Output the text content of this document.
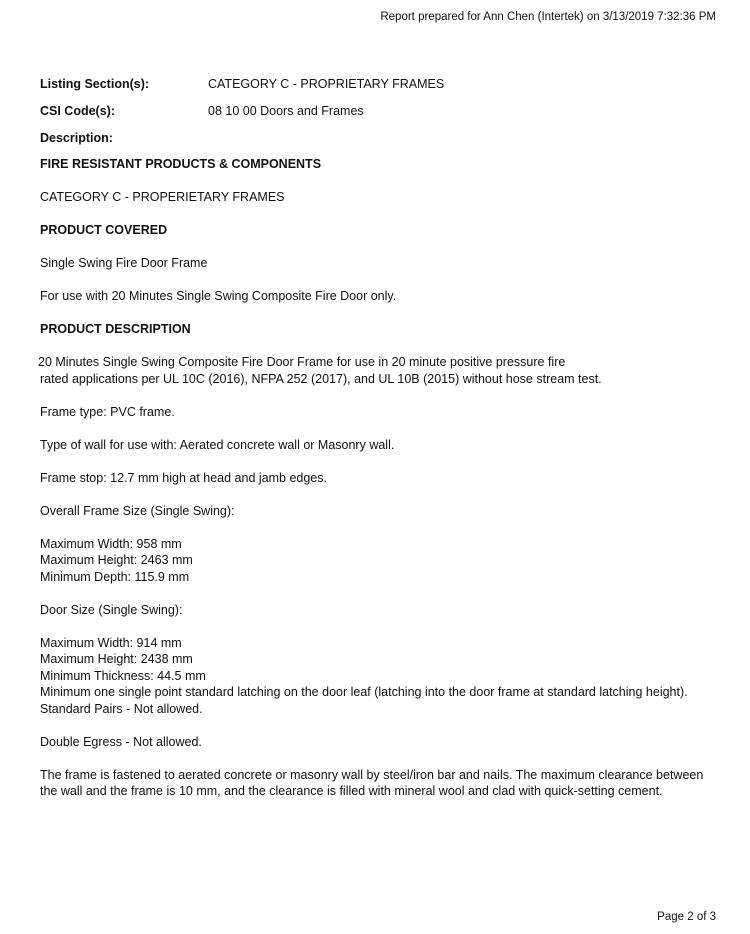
Report prepared for Ann Chen (Intertek) on 3/13/2019 7:32:36 PM
Listing Section(s):	CATEGORY C - PROPRIETARY FRAMES
CSI Code(s):	08 10 00 Doors and Frames
Description:
FIRE RESISTANT PRODUCTS & COMPONENTS
CATEGORY C - PROPERIETARY FRAMES
PRODUCT COVERED
Single Swing Fire Door Frame
For use with 20 Minutes Single Swing Composite Fire Door only.
PRODUCT DESCRIPTION
20 Minutes Single Swing Composite Fire Door Frame for use in 20 minute positive pressure fire
rated applications per UL 10C (2016), NFPA 252 (2017), and UL 10B (2015) without hose stream test.
Frame type: PVC frame.
Type of wall for use with: Aerated concrete wall or Masonry wall.
Frame stop: 12.7 mm high at head and jamb edges.
Overall Frame Size (Single Swing):
Maximum Width: 958 mm
Maximum Height: 2463 mm
Minimum Depth: 115.9 mm
Door Size (Single Swing):
Maximum Width: 914 mm
Maximum Height: 2438 mm
Minimum Thickness: 44.5 mm
Minimum one single point standard latching on the door leaf (latching into the door frame at standard latching height).
Standard Pairs - Not allowed.
Double Egress - Not allowed.
The frame is fastened to aerated concrete or masonry wall by steel/iron bar and nails. The maximum clearance between the wall and the frame is 10 mm, and the clearance is filled with mineral wool and clad with quick-setting cement.
Page 2 of 3
